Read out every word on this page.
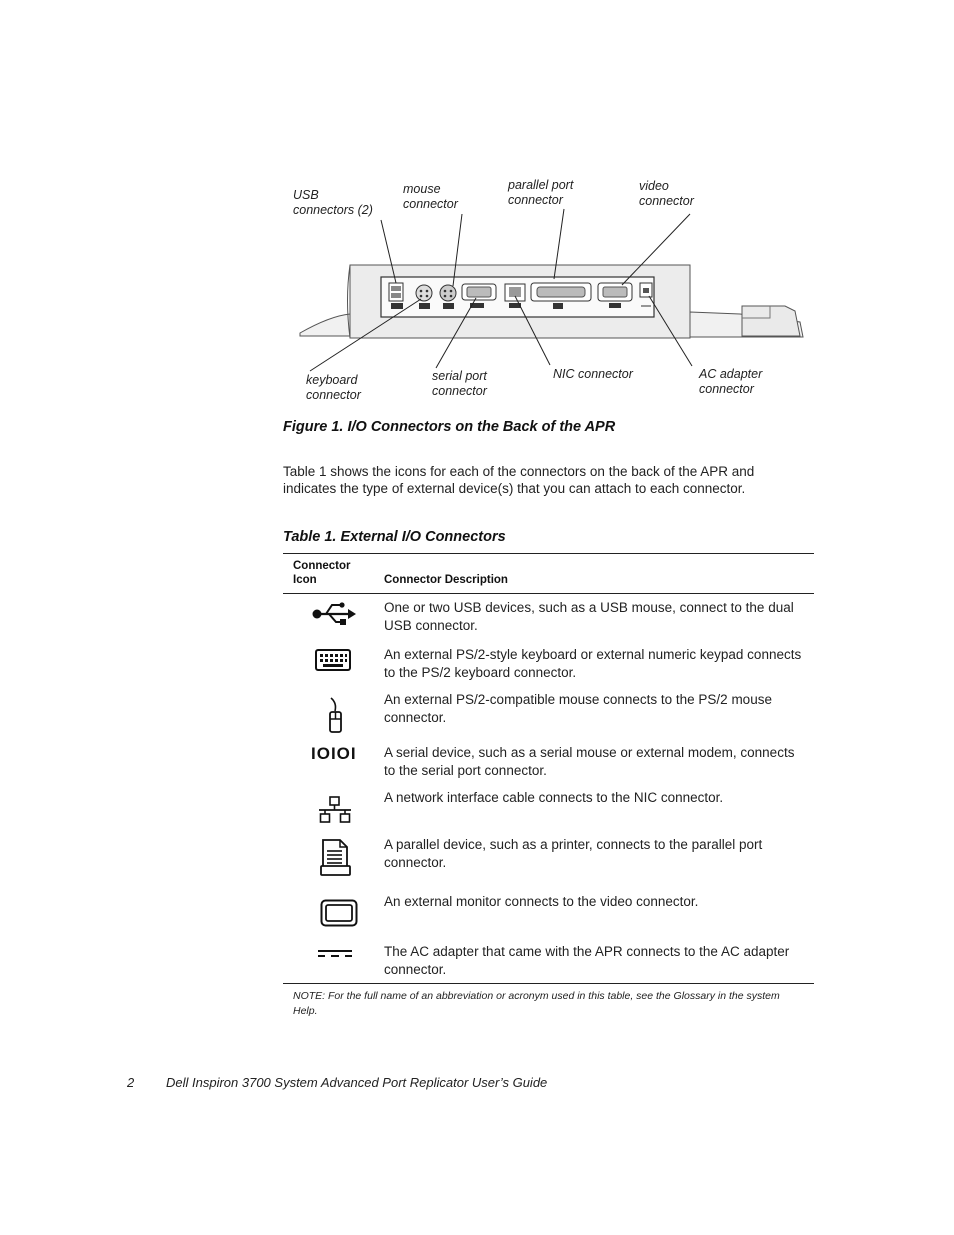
USB
connectors (2)
mouse
connector
parallel port
connector
video
connector
keyboard
connector
serial port
connector
NIC connector	AC adapter
connector
Figure 1. I/O Connectors on the Back of the APR
Table 1 shows the icons for each of the connectors on the back of the APR and indicates the type of external device(s) that you can attach to each connector.
Table 1. External I/O Connectors
Connector
Icon	Connector Description
One or two USB devices, such as a USB mouse, connect to the dual USB connector.
An external PS/2-style keyboard or external numeric keypad connects to the PS/2 keyboard connector.
An external PS/2-compatible mouse connects to the PS/2 mouse connector.
IOIOI A serial device, such as a serial mouse or external modem, connects to the serial port connector.
A network interface cable connects to the NIC connector.
A parallel device, such as a printer, connects to the parallel port connector.
An external monitor connects to the video connector.
The AC adapter that came with the APR connects to the AC adapter connector.
NOTE: For the full name of an abbreviation or acronym used in this table, see the Glossary in the system Help.
2 Dell Inspiron 3700 System Advanced Port Replicator User’s Guide
